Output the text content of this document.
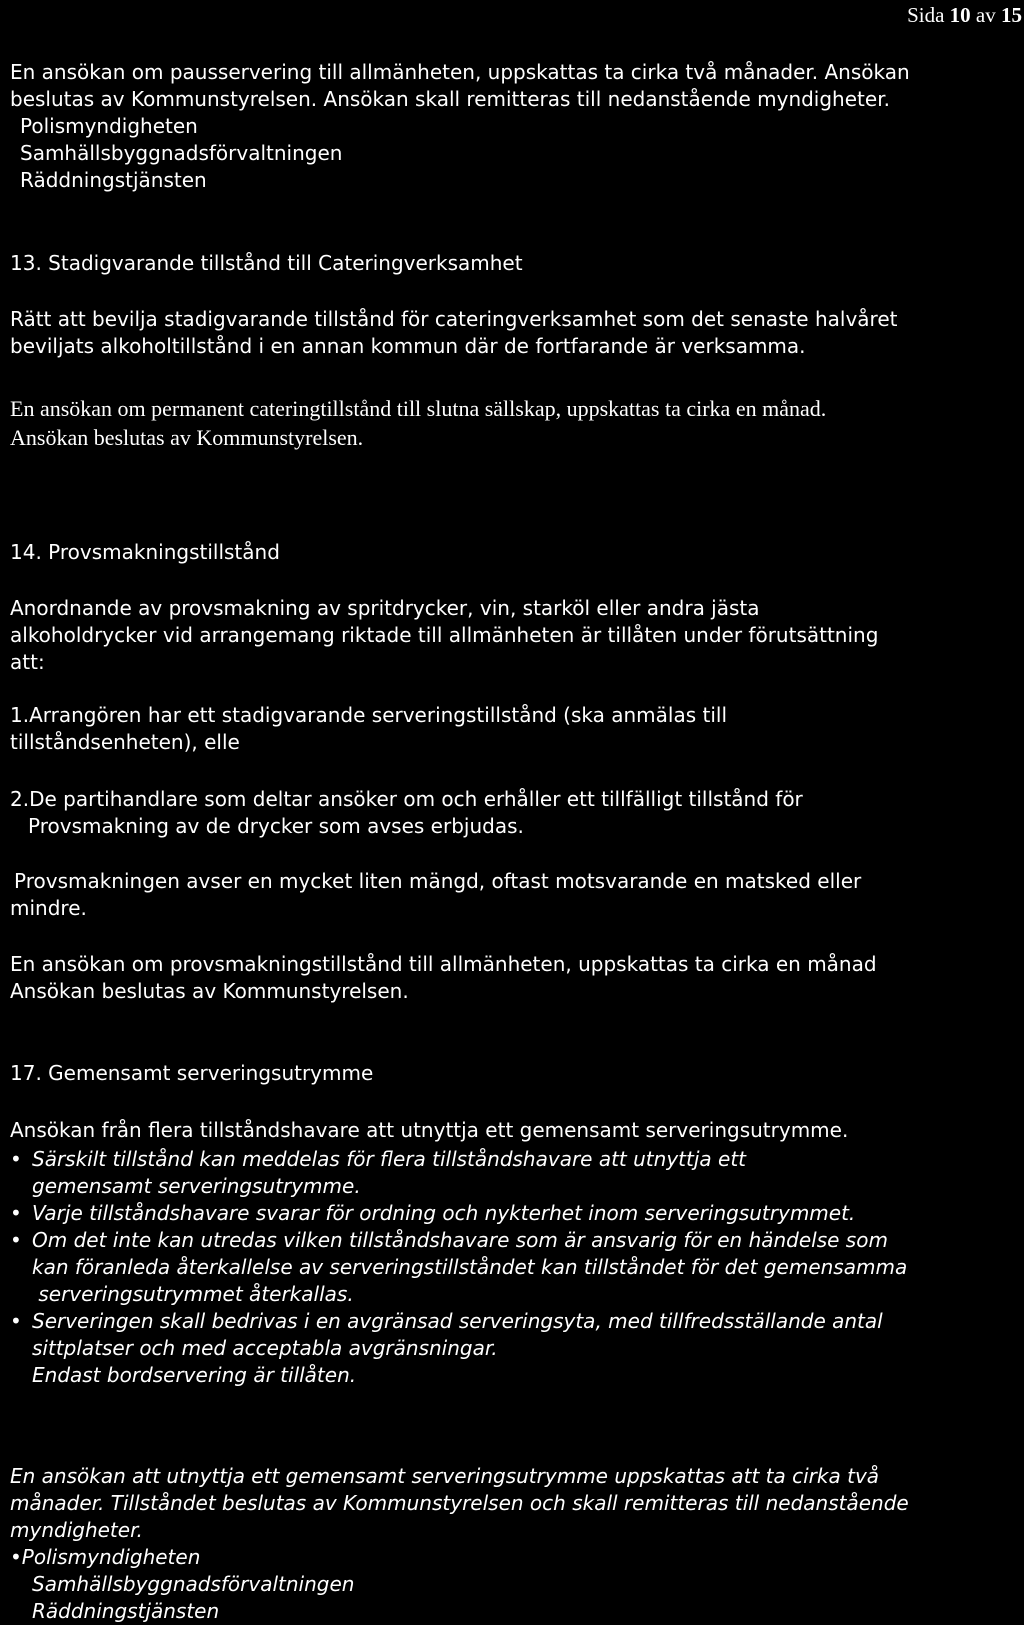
Sida 10 av 15
En ansökan om pausservering till allmänheten, uppskattas ta cirka två månader. Ansökan
beslutas av Kommunstyrelsen. Ansökan skall remitteras till nedanstående myndigheter.
Polismyndigheten
Samhällsbyggnadsförvaltningen
Räddningstjänsten
13. Stadigvarande tillstånd till Cateringverksamhet
Rätt att bevilja stadigvarande tillstånd för cateringverksamhet som det senaste halvåret
beviljats alkoholtillstånd i en annan kommun där de fortfarande är verksamma.
En ansökan om permanent cateringtillstånd till slutna sällskap, uppskattas ta cirka en månad.
Ansökan beslutas av Kommunstyrelsen.
14. Provsmakningstillstånd
Anordnande av provsmakning av spritdrycker, vin, starköl eller andra jästa
alkoholdrycker vid arrangemang riktade till allmänheten är tillåten under förutsättning
att:
1.Arrangören har ett stadigvarande serveringstillstånd (ska anmälas till
tillståndsenheten), elle
2.De partihandlare som deltar ansöker om och erhåller ett tillfälligt tillstånd för
Provsmakning av de drycker som avses erbjudas.
Provsmakningen avser en mycket liten mängd, oftast motsvarande en matsked eller
mindre.
En ansökan om provsmakningstillstånd till allmänheten, uppskattas ta cirka en månad
Ansökan beslutas av Kommunstyrelsen.
17. Gemensamt serveringsutrymme
Ansökan från flera tillståndshavare att utnyttja ett gemensamt serveringsutrymme.
• Särskilt tillstånd kan meddelas för flera tillståndshavare att utnyttja ett
gemensamt serveringsutrymme.
• Varje tillståndshavare svarar för ordning och nykterhet inom serveringsutrymmet.
• Om det inte kan utredas vilken tillståndshavare som är ansvarig för en händelse som
kan föranleda återkallelse av serveringstillståndet kan tillståndet för det gemensamma
serveringsutrymmet återkallas.
• Serveringen skall bedrivas i en avgränsad serveringsyta, med tillfredsställande antal
sittplatser och med acceptabla avgränsningar.
Endast bordservering är tillåten.
En ansökan att utnyttja ett gemensamt serveringsutrymme uppskattas att ta cirka två
månader. Tillståndet beslutas av Kommunstyrelsen och skall remitteras till nedanstående
myndigheter.
•Polismyndigheten
Samhällsbyggnadsförvaltningen
Räddningstjänsten
